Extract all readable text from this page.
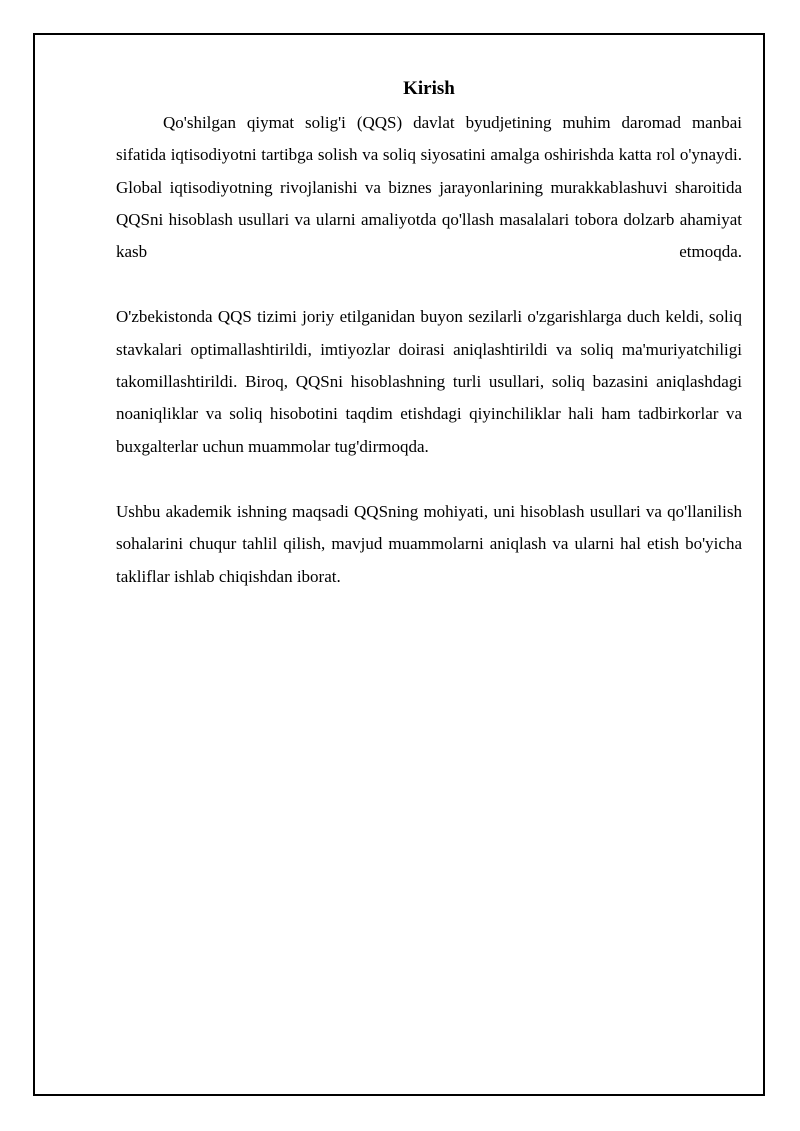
Kirish

Qo'shilgan qiymat solig'i (QQS) davlat byudjetining muhim daromad manbai sifatida iqtisodiyotni tartibga solish va soliq siyosatini amalga oshirishda katta rol o'ynaydi. Global iqtisodiyotning rivojlanishi va biznes jarayonlarining murakkablashuvi sharoitida QQSni hisoblash usullari va ularni amaliyotda qo'llash masalalari tobora dolzarb ahamiyat kasb etmoqda.

O'zbekistonda QQS tizimi joriy etilganidan buyon sezilarli o'zgarishlarga duch keldi, soliq stavkalari optimallashtirildi, imtiyozlar doirasi aniqlashtirildi va soliq ma'muriyatchiligi takomillashtirildi. Biroq, QQSni hisoblashning turli usullari, soliq bazasini aniqlashdagi noaniqliklar va soliq hisobotini taqdim etishdagi qiyinchiliklar hali ham tadbirkorlar va buxgalterlar uchun muammolar tug'dirmoqda.

Ushbu akademik ishning maqsadi QQSning mohiyati, uni hisoblash usullari va qo'llanilish sohalarini chuqur tahlil qilish, mavjud muammolarni aniqlash va ularni hal etish bo'yicha takliflar ishlab chiqishdan iborat.
